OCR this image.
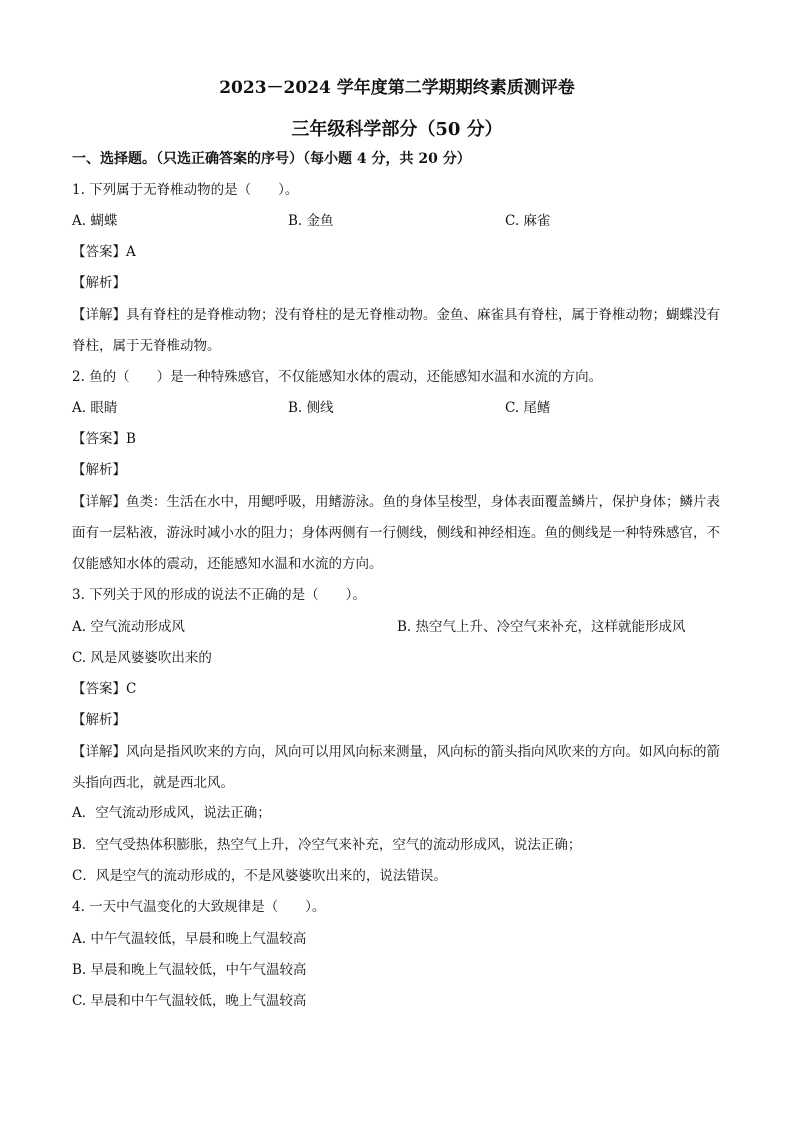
2023－2024 学年度第二学期期终素质测评卷
三年级科学部分（50 分）
一、选择题。（只选正确答案的序号）（每小题 4 分，共 20 分）
1. 下列属于无脊椎动物的是（　　）。
A. 蝴蝶	B. 金鱼	C. 麻雀
【答案】A
【解析】
【详解】具有脊柱的是脊椎动物；没有脊柱的是无脊椎动物。金鱼、麻雀具有脊柱，属于脊椎动物；蝴蝶没有脊柱，属于无脊椎动物。
2. 鱼的（　　）是一种特殊感官，不仅能感知水体的震动，还能感知水温和水流的方向。
A. 眼睛	B. 侧线	C. 尾鳍
【答案】B
【解析】
【详解】鱼类：生活在水中，用鳃呼吸，用鳍游泳。鱼的身体呈梭型，身体表面覆盖鳞片，保护身体；鳞片表面有一层粘液，游泳时减小水的阻力；身体两侧有一行侧线，侧线和神经相连。鱼的侧线是一种特殊感官，不仅能感知水体的震动，还能感知水温和水流的方向。
3. 下列关于风的形成的说法不正确的是（　　）。
A. 空气流动形成风	B. 热空气上升、冷空气来补充，这样就能形成风
C. 风是风婆婆吹出来的
【答案】C
【解析】
【详解】风向是指风吹来的方向，风向可以用风向标来测量，风向标的箭头指向风吹来的方向。如风向标的箭头指向西北，就是西北风。
A．空气流动形成风，说法正确；
B．空气受热体积膨胀，热空气上升，冷空气来补充，空气的流动形成风，说法正确；
C．风是空气的流动形成的，不是风婆婆吹出来的，说法错误。
4. 一天中气温变化的大致规律是（　　）。
A. 中午气温较低，早晨和晚上气温较高
B. 早晨和晚上气温较低，中午气温较高
C. 早晨和中午气温较低，晚上气温较高
